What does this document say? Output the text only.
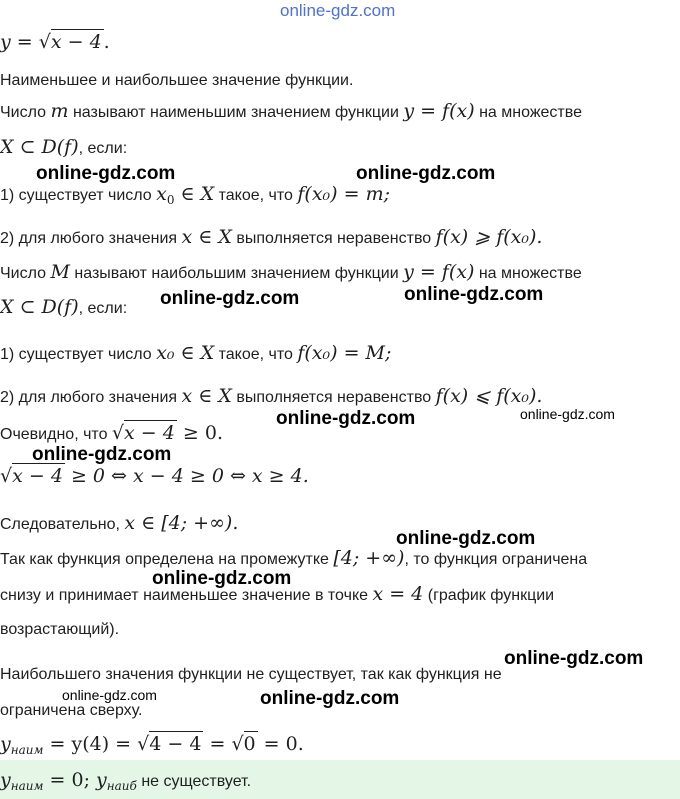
online-gdz.com
y = √x − 4 .
Наименьшее и наибольшее значение функции.
Число m называют наименьшим значением функции y = f(x) на множестве
X ⊂ D(f), если:
1) существует число $x_0$ ∈ X такое, что f(x₀) = m;
2) для любого значения x ∈ X выполняется неравенство f(x) ⩾ f(x₀).
Число M называют наибольшим значением функции y = f(x) на множестве
X ⊂ D(f), если:
1) существует число x₀ ∈ X такое, что f(x₀) = M;
2) для любого значения x ∈ X выполняется неравенство f(x) ⩽ f(x₀).
Очевидно, что √x − 4 ≥ 0.
√x − 4 ≥ 0 ⇔ x − 4 ≥ 0 ⇔ x ≥ 4.
Следовательно, x ∈ [4; +∞).
Так как функция определена на промежутке [4; +∞), то функция ограничена
снизу и принимает наименьшее значение в точке x = 4 (график функции
возрастающий).
Наибольшего значения функции не существует, так как функция не
ограничена сверху.
$y_{наим} = y(4) = √4 - 4 = √0 = 0$.
$y_{наим} = 0$; $y_{наиб}$ не существует.
online-gdz.com	online-gdz.com
online-gdz.com	online-gdz.com
online-gdz.com	online-gdz.com
online-gdz.com
online-gdz.com
online-gdz.com
online-gdz.com
online-gdz.com	online-gdz.com
